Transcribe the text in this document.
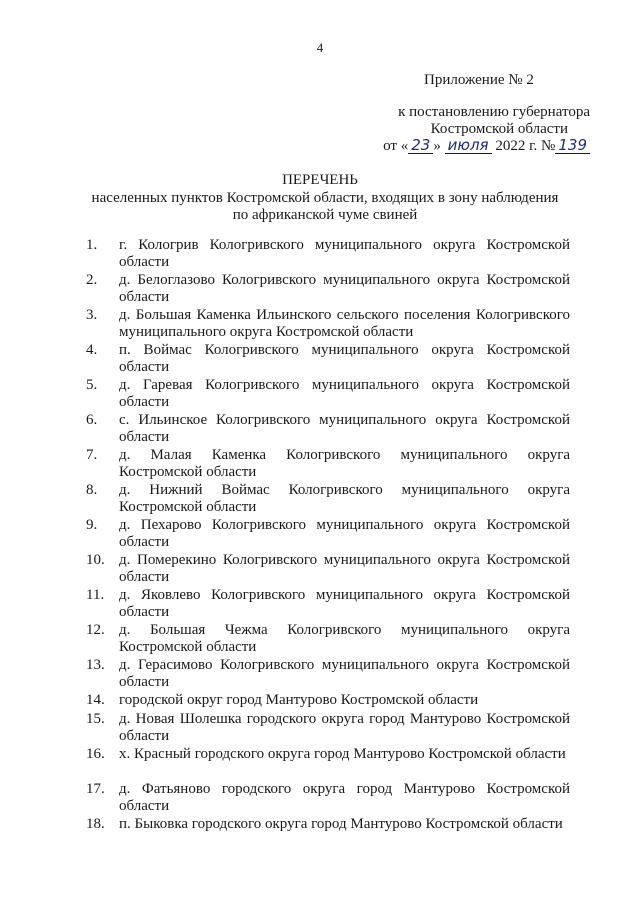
4
Приложение № 2
к постановлению губернатора
Костромской области
от « 23 » июля 2022 г. № 139
ПЕРЕЧЕНЬ
населенных пунктов Костромской области, входящих в зону наблюдения по африканской чуме свиней
1. г. Кологрив Кологривского муниципального округа Костромской области
2. д. Белоглазово Кологривского муниципального округа Костромской области
3. д. Большая Каменка Ильинского сельского поселения Кологривского муниципального округа Костромской области
4. п. Воймас Кологривского муниципального округа Костромской области
5. д. Гаревая Кологривского муниципального округа Костромской области
6. с. Ильинское Кологривского муниципального округа Костромской области
7. д. Малая Каменка Кологривского муниципального округа Костромской области
8. д. Нижний Воймас Кологривского муниципального округа Костромской области
9. д. Пехарово Кологривского муниципального округа Костромской области
10. д. Померекино Кологривского муниципального округа Костромской области
11. д. Яковлево Кологривского муниципального округа Костромской области
12. д. Большая Чежма Кологривского муниципального округа Костромской области
13. д. Герасимово Кологривского муниципального округа Костромской области
14. городской округ город Мантурово Костромской области
15. д. Новая Шолешка городского округа город Мантурово Костромской области
16. х. Красный городского округа город Мантурово Костромской области
17. д. Фатьяново городского округа город Мантурово Костромской области
18. п. Быковка городского округа город Мантурово Костромской области
